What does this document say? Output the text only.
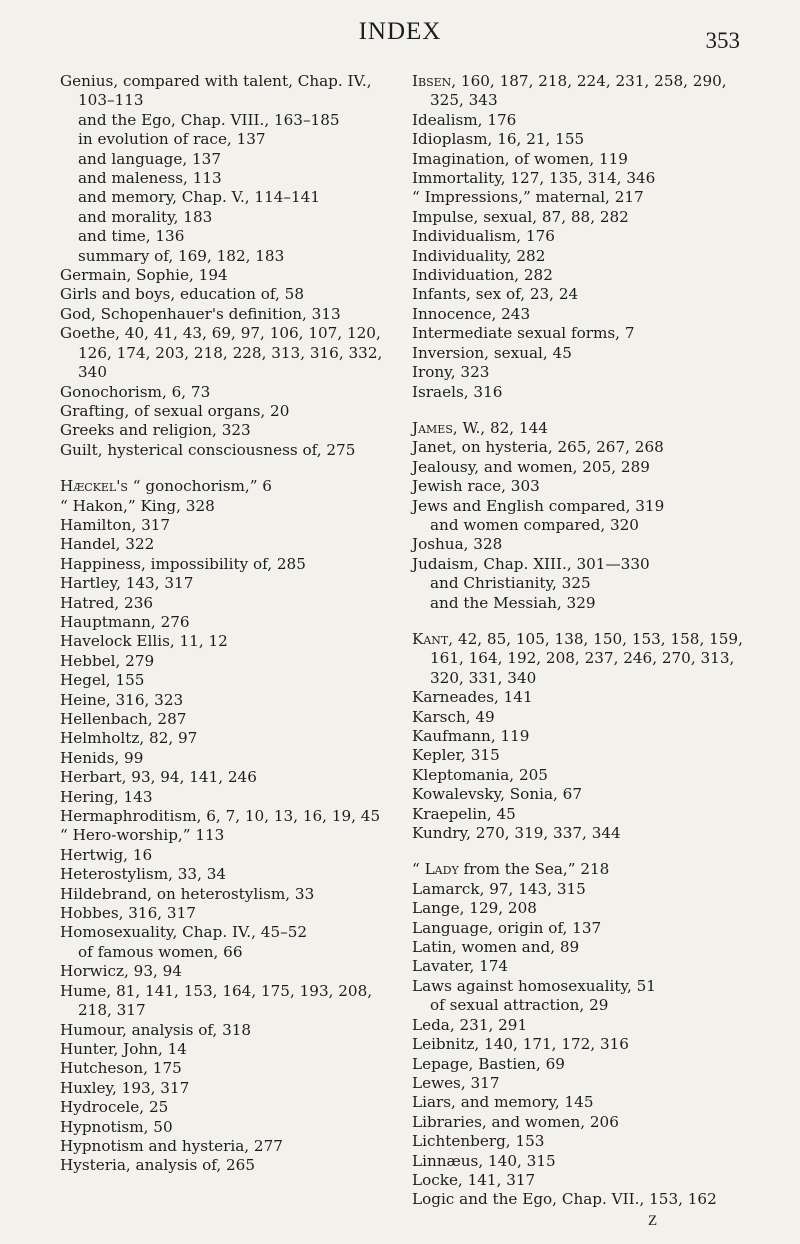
INDEX	353

Genius, compared with talent, Chap. IV., 103–113

and the Ego, Chap. VIII., 163–185

in evolution of race, 137

and language, 137

and maleness, 113

and memory, Chap. V., 114–141

and morality, 183

and time, 136

summary of, 169, 182, 183

Germain, Sophie, 194

Girls and boys, education of, 58

God, Schopenhauer's definition, 313

Goethe, 40, 41, 43, 69, 97, 106, 107, 120, 126, 174, 203, 218, 228, 313, 316, 332, 340

Gonochorism, 6, 73

Grafting, of sexual organs, 20

Greeks and religion, 323

Guilt, hysterical consciousness of, 275

Hæckel's “ gonochorism,” 6

“ Hakon,” King, 328

Hamilton, 317

Handel, 322

Happiness, impossibility of, 285

Hartley, 143, 317

Hatred, 236

Hauptmann, 276

Havelock Ellis, 11, 12

Hebbel, 279

Hegel, 155

Heine, 316, 323

Hellenbach, 287

Helmholtz, 82, 97

Henids, 99

Herbart, 93, 94, 141, 246

Hering, 143

Hermaphroditism, 6, 7, 10, 13, 16, 19, 45

“ Hero-worship,” 113

Hertwig, 16

Heterostylism, 33, 34

Hildebrand, on heterostylism, 33

Hobbes, 316, 317

Homosexuality, Chap. IV., 45–52

of famous women, 66

Horwicz, 93, 94

Hume, 81, 141, 153, 164, 175, 193, 208, 218, 317

Humour, analysis of, 318

Hunter, John, 14

Hutcheson, 175

Huxley, 193, 317

Hydrocele, 25

Hypnotism, 50

Hypnotism and hysteria, 277

Hysteria, analysis of, 265

Ibsen, 160, 187, 218, 224, 231, 258, 290, 325, 343

Idealism, 176

Idioplasm, 16, 21, 155

Imagination, of women, 119

Immortality, 127, 135, 314, 346

“ Impressions,” maternal, 217

Impulse, sexual, 87, 88, 282

Individualism, 176

Individuality, 282

Individuation, 282

Infants, sex of, 23, 24

Innocence, 243

Intermediate sexual forms, 7

Inversion, sexual, 45

Irony, 323

Israels, 316

James, W., 82, 144

Janet, on hysteria, 265, 267, 268

Jealousy, and women, 205, 289

Jewish race, 303

Jews and English compared, 319

and women compared, 320

Joshua, 328

Judaism, Chap. XIII., 301—330

and Christianity, 325

and the Messiah, 329

Kant, 42, 85, 105, 138, 150, 153, 158, 159, 161, 164, 192, 208, 237, 246, 270, 313, 320, 331, 340

Karneades, 141

Karsch, 49

Kaufmann, 119

Kepler, 315

Kleptomania, 205

Kowalevsky, Sonia, 67

Kraepelin, 45

Kundry, 270, 319, 337, 344

“ Lady from the Sea,” 218

Lamarck, 97, 143, 315

Lange, 129, 208

Language, origin of, 137

Latin, women and, 89

Lavater, 174

Laws against homosexuality, 51

of sexual attraction, 29

Leda, 231, 291

Leibnitz, 140, 171, 172, 316

Lepage, Bastien, 69

Lewes, 317

Liars, and memory, 145

Libraries, and women, 206

Lichtenberg, 153

Linnæus, 140, 315

Locke, 141, 317

Logic and the Ego, Chap. VII., 153, 162

Z
